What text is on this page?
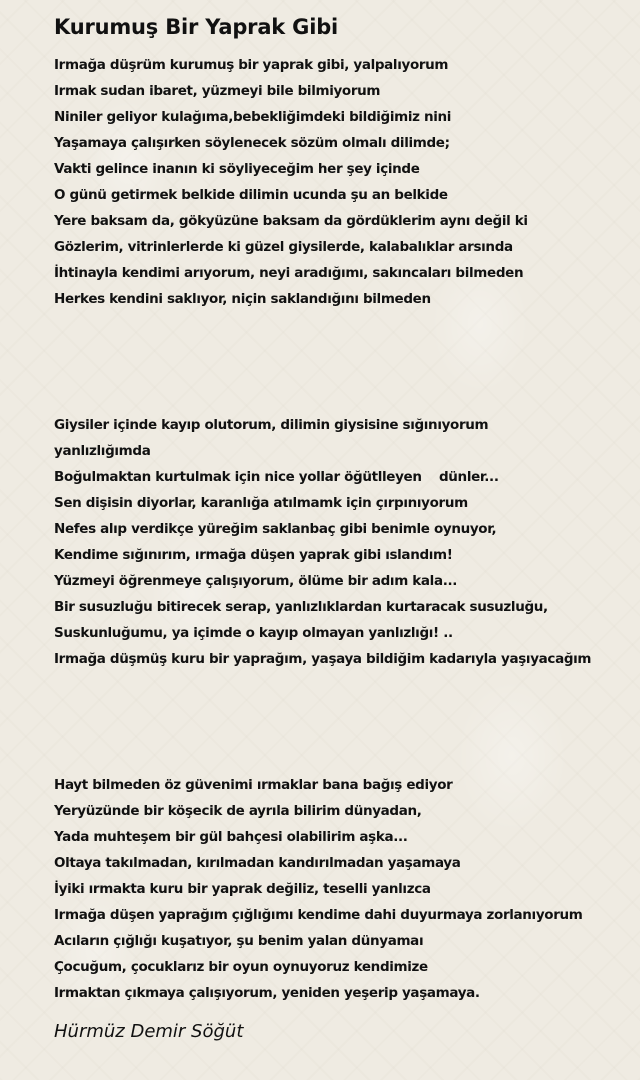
Kurumuş Bir Yaprak Gibi
Irmağa düşrüm kurumuş bir yaprak gibi, yalpalıyorum
Irmak sudan ibaret, yüzmeyi bile bilmiyorum
Niniler geliyor kulağıma,bebekliğimdeki bildiğimiz nini
Yaşamaya çalışırken söylenecek sözüm olmalı dilimde;
Vakti gelince inanın ki söyliyeceğim her şey içinde
O günü getirmek belkide dilimin ucunda şu an belkide
Yere baksam da, gökyüzüne baksam da gördüklerim aynı değil ki
Gözlerim, vitrinlerlerde ki güzel giysilerde, kalabalıklar arsında
İhtinayla kendimi arıyorum, neyi aradığımı, sakıncaları bilmeden
Herkes kendini saklıyor, niçin saklandığını bilmeden
Giysiler içinde kayıp olutorum, dilimin giysisine sığınıyorum
yanlızlığımda
Boğulmaktan kurtulmak için nice yollar öğütlleyen    dünler...
Sen dişisin diyorlar, karanlığa atılmamk için çırpınıyorum
Nefes alıp verdikçe yüreğim saklanbaç gibi benimle oynuyor,
Kendime sığınırım, ırmağa düşen yaprak gibi ıslandım!
Yüzmeyi öğrenmeye çalışıyorum, ölüme bir adım kala...
Bir susuzluğu bitirecek serap, yanlızlıklardan kurtaracak susuzluğu,
Suskunluğumu, ya içimde o kayıp olmayan yanlızlığı! ..
Irmağa düşmüş kuru bir yaprağım, yaşaya bildiğim kadarıyla yaşıyacağım
Hayt bilmeden öz güvenimi ırmaklar bana bağış ediyor
Yeryüzünde bir köşecik de ayrıla bilirim dünyadan,
Yada muhteşem bir gül bahçesi olabilirim aşka...
Oltaya takılmadan, kırılmadan kandırılmadan yaşamaya
İyiki ırmakta kuru bir yaprak değiliz, teselli yanlızca
Irmağa düşen yaprağım çığlığımı kendime dahi duyurmaya zorlanıyorum
Acıların çığlığı kuşatıyor, şu benim yalan dünyamaı
Çocuğum, çocuklarız bir oyun oynuyoruz kendimize
Irmaktan çıkmaya çalışıyorum, yeniden yeşerip yaşamaya.
Hürmüz Demir Söğüt
